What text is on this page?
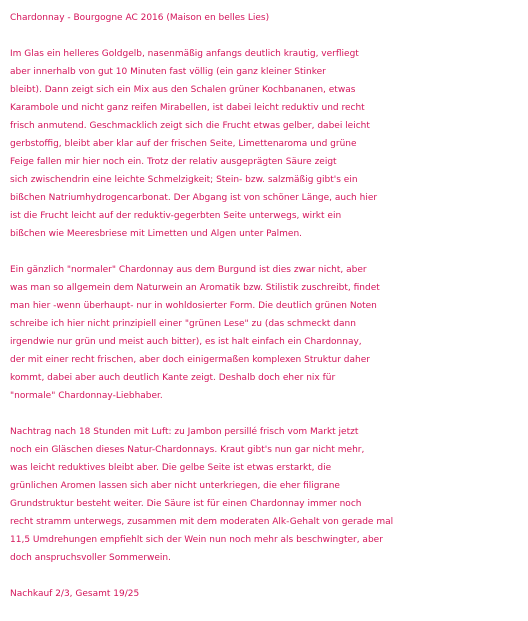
Chardonnay - Bourgogne AC 2016 (Maison en belles Lies)
Im Glas ein helleres Goldgelb, nasenmäßig anfangs deutlich krautig, verfliegt
aber innerhalb von gut 10 Minuten fast völlig (ein ganz kleiner Stinker
bleibt). Dann zeigt sich ein Mix aus den Schalen grüner Kochbananen, etwas
Karambole und nicht ganz reifen Mirabellen, ist dabei leicht reduktiv und recht
frisch anmutend. Geschmacklich zeigt sich die Frucht etwas gelber, dabei leicht
gerbstoffig, bleibt aber klar auf der frischen Seite, Limettenaroma und grüne
Feige fallen mir hier noch ein. Trotz der relativ ausgeprägten Säure zeigt
sich zwischendrin eine leichte Schmelzigkeit; Stein- bzw. salzmäßig gibt's ein
bißchen Natriumhydrogencarbonat. Der Abgang ist von schöner Länge, auch hier
ist die Frucht leicht auf der reduktiv-gegerbten Seite unterwegs, wirkt ein
bißchen wie Meeresbriese mit Limetten und Algen unter Palmen.
Ein gänzlich "normaler" Chardonnay aus dem Burgund ist dies zwar nicht, aber
was man so allgemein dem Naturwein an Aromatik bzw. Stilistik zuschreibt, findet
man hier -wenn überhaupt- nur in wohldosierter Form. Die deutlich grünen Noten
schreibe ich hier nicht prinzipiell einer "grünen Lese" zu (das schmeckt dann
irgendwie nur grün und meist auch bitter), es ist halt einfach ein Chardonnay,
der mit einer recht frischen, aber doch einigermaßen komplexen Struktur daher
kommt, dabei aber auch deutlich Kante zeigt. Deshalb doch eher nix für
"normale" Chardonnay-Liebhaber.
Nachtrag nach 18 Stunden mit Luft: zu Jambon persillé frisch vom Markt jetzt
noch ein Gläschen dieses Natur-Chardonnays. Kraut gibt's nun gar nicht mehr,
was leicht reduktives bleibt aber. Die gelbe Seite ist etwas erstarkt, die
grünlichen Aromen lassen sich aber nicht unterkriegen, die eher filigrane
Grundstruktur besteht weiter. Die Säure ist für einen Chardonnay immer noch
recht stramm unterwegs, zusammen mit dem moderaten Alk-Gehalt von gerade mal
11,5 Umdrehungen empfiehlt sich der Wein nun noch mehr als beschwingter, aber
doch anspruchsvoller Sommerwein.
Nachkauf 2/3, Gesamt 19/25
